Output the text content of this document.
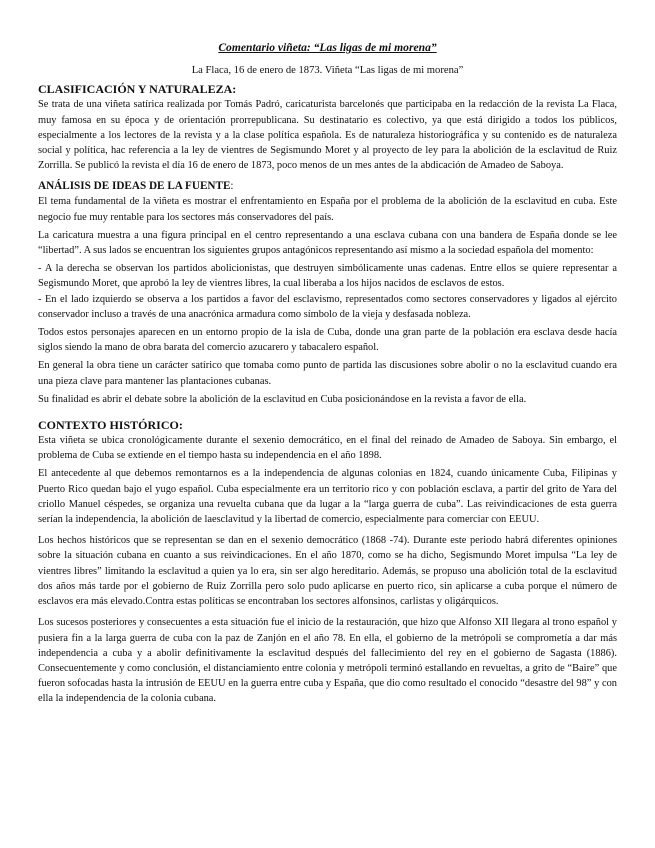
Comentario viñeta: “Las ligas de mi morena”
La Flaca, 16 de enero de 1873. Viñeta “Las ligas de mi morena”
CLASIFICACIÓN Y NATURALEZA:

Se trata de una viñeta satírica realizada por Tomás Padró, caricaturista barcelonés que participaba en la redacción de la revista La Flaca, muy famosa en su época y de orientación prorrepublicana. Su destinatario es colectivo, ya que está dirigido a todos los públicos, especialmente a los lectores de la revista y a la clase política española. Es de naturaleza historiográfica y su contenido es de naturaleza social y política, hac referencia a la ley de vientres de Segismundo Moret y al proyecto de ley para la abolición de la esclavitud de Ruiz Zorrilla. Se publicó la revista el día 16 de enero de 1873, poco menos de un mes antes de la abdicación de Amadeo de Saboya.

ANÁLISIS DE IDEAS DE LA FUENTE:

El tema fundamental de la viñeta es mostrar el enfrentamiento en España por el problema de la abolición de la esclavitud en cuba. Este negocio fue muy rentable para los sectores más conservadores del país.

La caricatura muestra a una figura principal en el centro representando a una esclava cubana con una bandera de España donde se lee “libertad”. A sus lados se encuentran los siguientes grupos antagónicos representando así mismo a la sociedad española del momento:

- A la derecha se observan los partidos abolicionistas, que destruyen simbólicamente unas cadenas. Entre ellos se quiere representar a Segismundo Moret, que aprobó la ley de vientres libres, la cual liberaba a los hijos nacidos de esclavos de estos.

- En el lado izquierdo se observa a los partidos a favor del esclavismo, representados como sectores conservadores y ligados al ejército conservador incluso a través de una anacrónica armadura como símbolo de la vieja y desfasada nobleza.

Todos estos personajes aparecen en un entorno propio de la isla de Cuba, donde una gran parte de la población era esclava desde hacía siglos siendo la mano de obra barata del comercio azucarero y tabacalero español.

En general la obra tiene un carácter satírico que tomaba como punto de partida las discusiones sobre abolir o no la esclavitud cuando era una pieza clave para mantener las plantaciones cubanas.

Su finalidad es abrir el debate sobre la abolición de la esclavitud en Cuba posicionándose en la revista a favor de ella.

CONTEXTO HISTÓRICO:

Esta viñeta se ubica cronológicamente durante el sexenio democrático, en el final del reinado de Amadeo de Saboya. Sin embargo, el problema de Cuba se extiende en el tiempo hasta su independencia en el año 1898.

El antecedente al que debemos remontarnos es a la independencia de algunas colonias en 1824, cuando únicamente Cuba, Filipinas y Puerto Rico quedan bajo el yugo español. Cuba especialmente era un territorio rico y con población esclava, a partir del grito de Yara del criollo Manuel céspedes, se organiza una revuelta cubana que da lugar a la “larga guerra de cuba”. Las reivindicaciones de esta guerra serían la independencia, la abolición de laesclavitud y la libertad de comercio, especialmente para comerciar con EEUU.

Los hechos históricos que se representan se dan en el sexenio democrático (1868 -74). Durante este periodo habrá diferentes opiniones sobre la situación cubana en cuanto a sus reivindicaciones. En el año 1870, como se ha dicho, Segismundo Moret impulsa “La ley de vientres libres” limitando la esclavitud a quien ya lo era, sin ser algo hereditario. Además, se propuso una abolición total de la esclavitud dos años más tarde por el gobierno de Ruiz Zorrilla pero solo pudo aplicarse en puerto rico, sin aplicarse a cuba porque el número de esclavos era más elevado.Contra estas políticas se encontraban los sectores alfonsinos, carlistas y oligárquicos.

Los sucesos posteriores y consecuentes a esta situación fue el inicio de la restauración, que hizo que Alfonso XII llegara al trono español y pusiera fin a la larga guerra de cuba con la paz de Zanjón en el año 78. En ella, el gobierno de la metrópoli se comprometía a dar más independencia a cuba y a abolir definitivamente la esclavitud después del fallecimiento del rey en el gobierno de Sagasta (1886). Consecuentemente y como conclusión, el distanciamiento entre colonia y metrópoli terminó estallando en revueltas, a grito de “Baire” que fueron sofocadas hasta la intrusión de EEUU en la guerra entre cuba y España, que dio como resultado el conocido “desastre del 98” y con ella la independencia de la colonia cubana.
